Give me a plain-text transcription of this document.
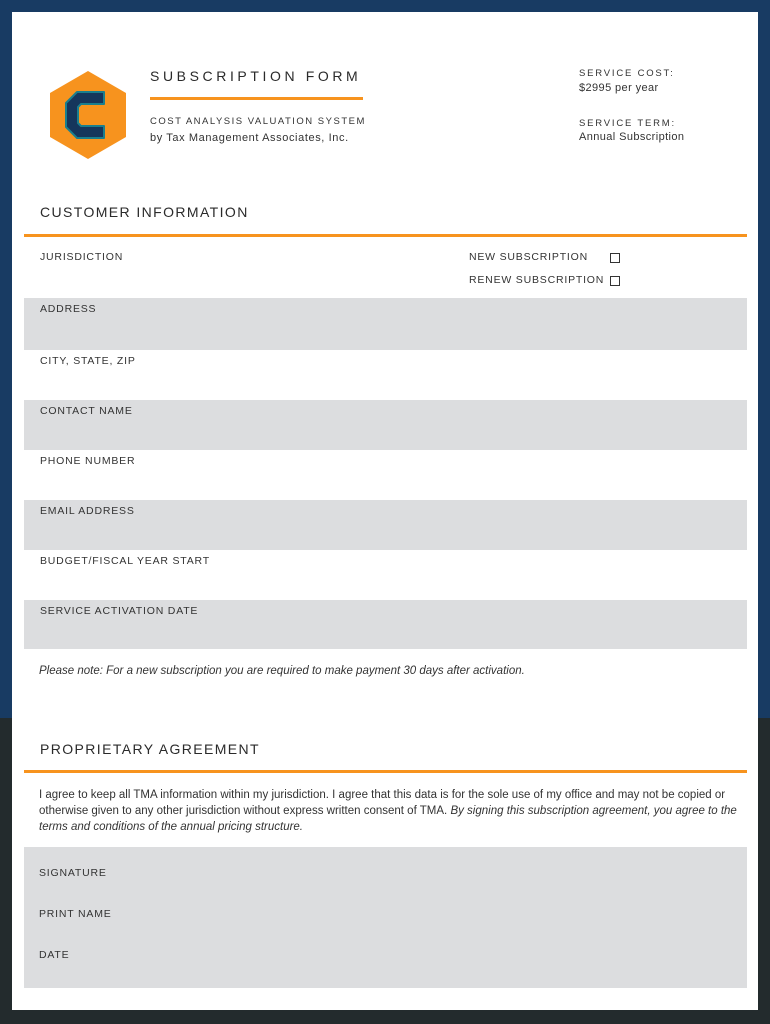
SUBSCRIPTION FORM
COST ANALYSIS VALUATION SYSTEM
by Tax Management Associates, Inc.
SERVICE COST:
$2995 per year
SERVICE TERM:
Annual Subscription
CUSTOMER INFORMATION
JURISDICTION	NEW SUBSCRIPTION
RENEW SUBSCRIPTION
ADDRESS
CITY, STATE, ZIP
CONTACT NAME
PHONE NUMBER
EMAIL ADDRESS
BUDGET/FISCAL YEAR START
SERVICE ACTIVATION DATE
Please note: For a new subscription you are required to make payment 30 days after activation.
PROPRIETARY AGREEMENT
I agree to keep all TMA information within my jurisdiction. I agree that this data is for the sole use of my office and may not be copied or otherwise given to any other jurisdiction without express written consent of TMA. By signing this subscription agreement, you agree to the terms and conditions of the annual pricing structure.
SIGNATURE
PRINT NAME
DATE
